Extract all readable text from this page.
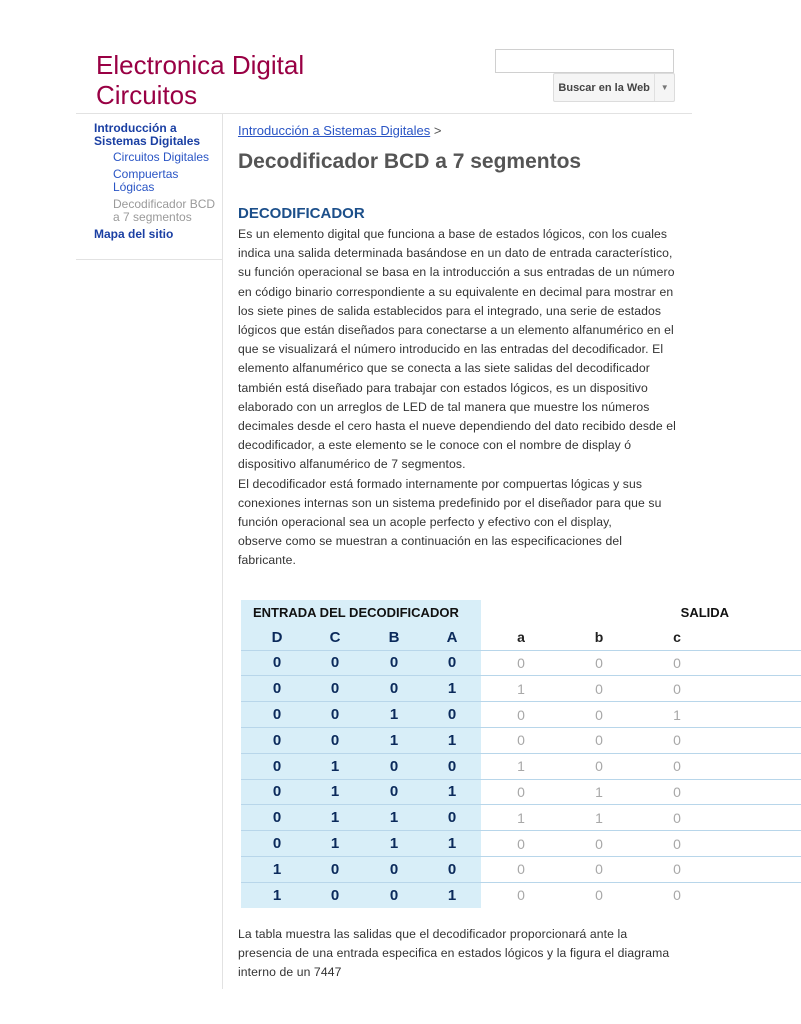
Electronica Digital
Circuitos	Buscar en la Web	▼
Introducción a
Sistemas Digitales
Circuitos Digitales
Compuertas
Lógicas
Decodificador BCD
a 7 segmentos
Mapa del sitio
Introducción a Sistemas Digitales >
Decodificador BCD a 7 segmentos
DECODIFICADOR

Es un elemento digital que funciona a base de estados lógicos, con los cuales
indica una salida determinada basándose en un dato de entrada característico,
su función operacional se basa en la introducción a sus entradas de un número
en código binario correspondiente a su equivalente en decimal para mostrar en
los siete pines de salida establecidos para el integrado, una serie de estados
lógicos que están diseñados para conectarse a un elemento alfanumérico en el
que se visualizará el número introducido en las entradas del decodificador. El
elemento alfanumérico que se conecta a las siete salidas del decodificador
también está diseñado para trabajar con estados lógicos, es un dispositivo
elaborado con un arreglos de LED de tal manera que muestre los números
decimales desde el cero hasta el nueve dependiendo del dato recibido desde el
decodificador, a este elemento se le conoce con el nombre de display ó
dispositivo alfanumérico de 7 segmentos.
El decodificador está formado internamente por compuertas lógicas y sus
conexiones internas son un sistema predefinido por el diseñador para que su
función operacional sea un acople perfecto y efectivo con el display,
observe como se muestran a continuación en las especificaciones del
fabricante.

	ENTRADA DEL DECODIFICADOR				SALIDA			
	D	C	B	A	a	b	c	
	0	0	0	0	0	0	0	
	0	0	0	1	1	0	0	
	0	0	1	0	0	0	1	
	0	0	1	1	0	0	0	
	0	1	0	0	1	0	0	
	0	1	0	1	0	1	0	
	0	1	1	0	1	1	0	
	0	1	1	1	0	0	0	
	1	0	0	0	0	0	0	
	1	0	0	1	0	0	0	

La tabla muestra las salidas que el decodificador proporcionará ante la
presencia de una entrada especifica en estados lógicos y la figura el diagrama
interno de un 7447
